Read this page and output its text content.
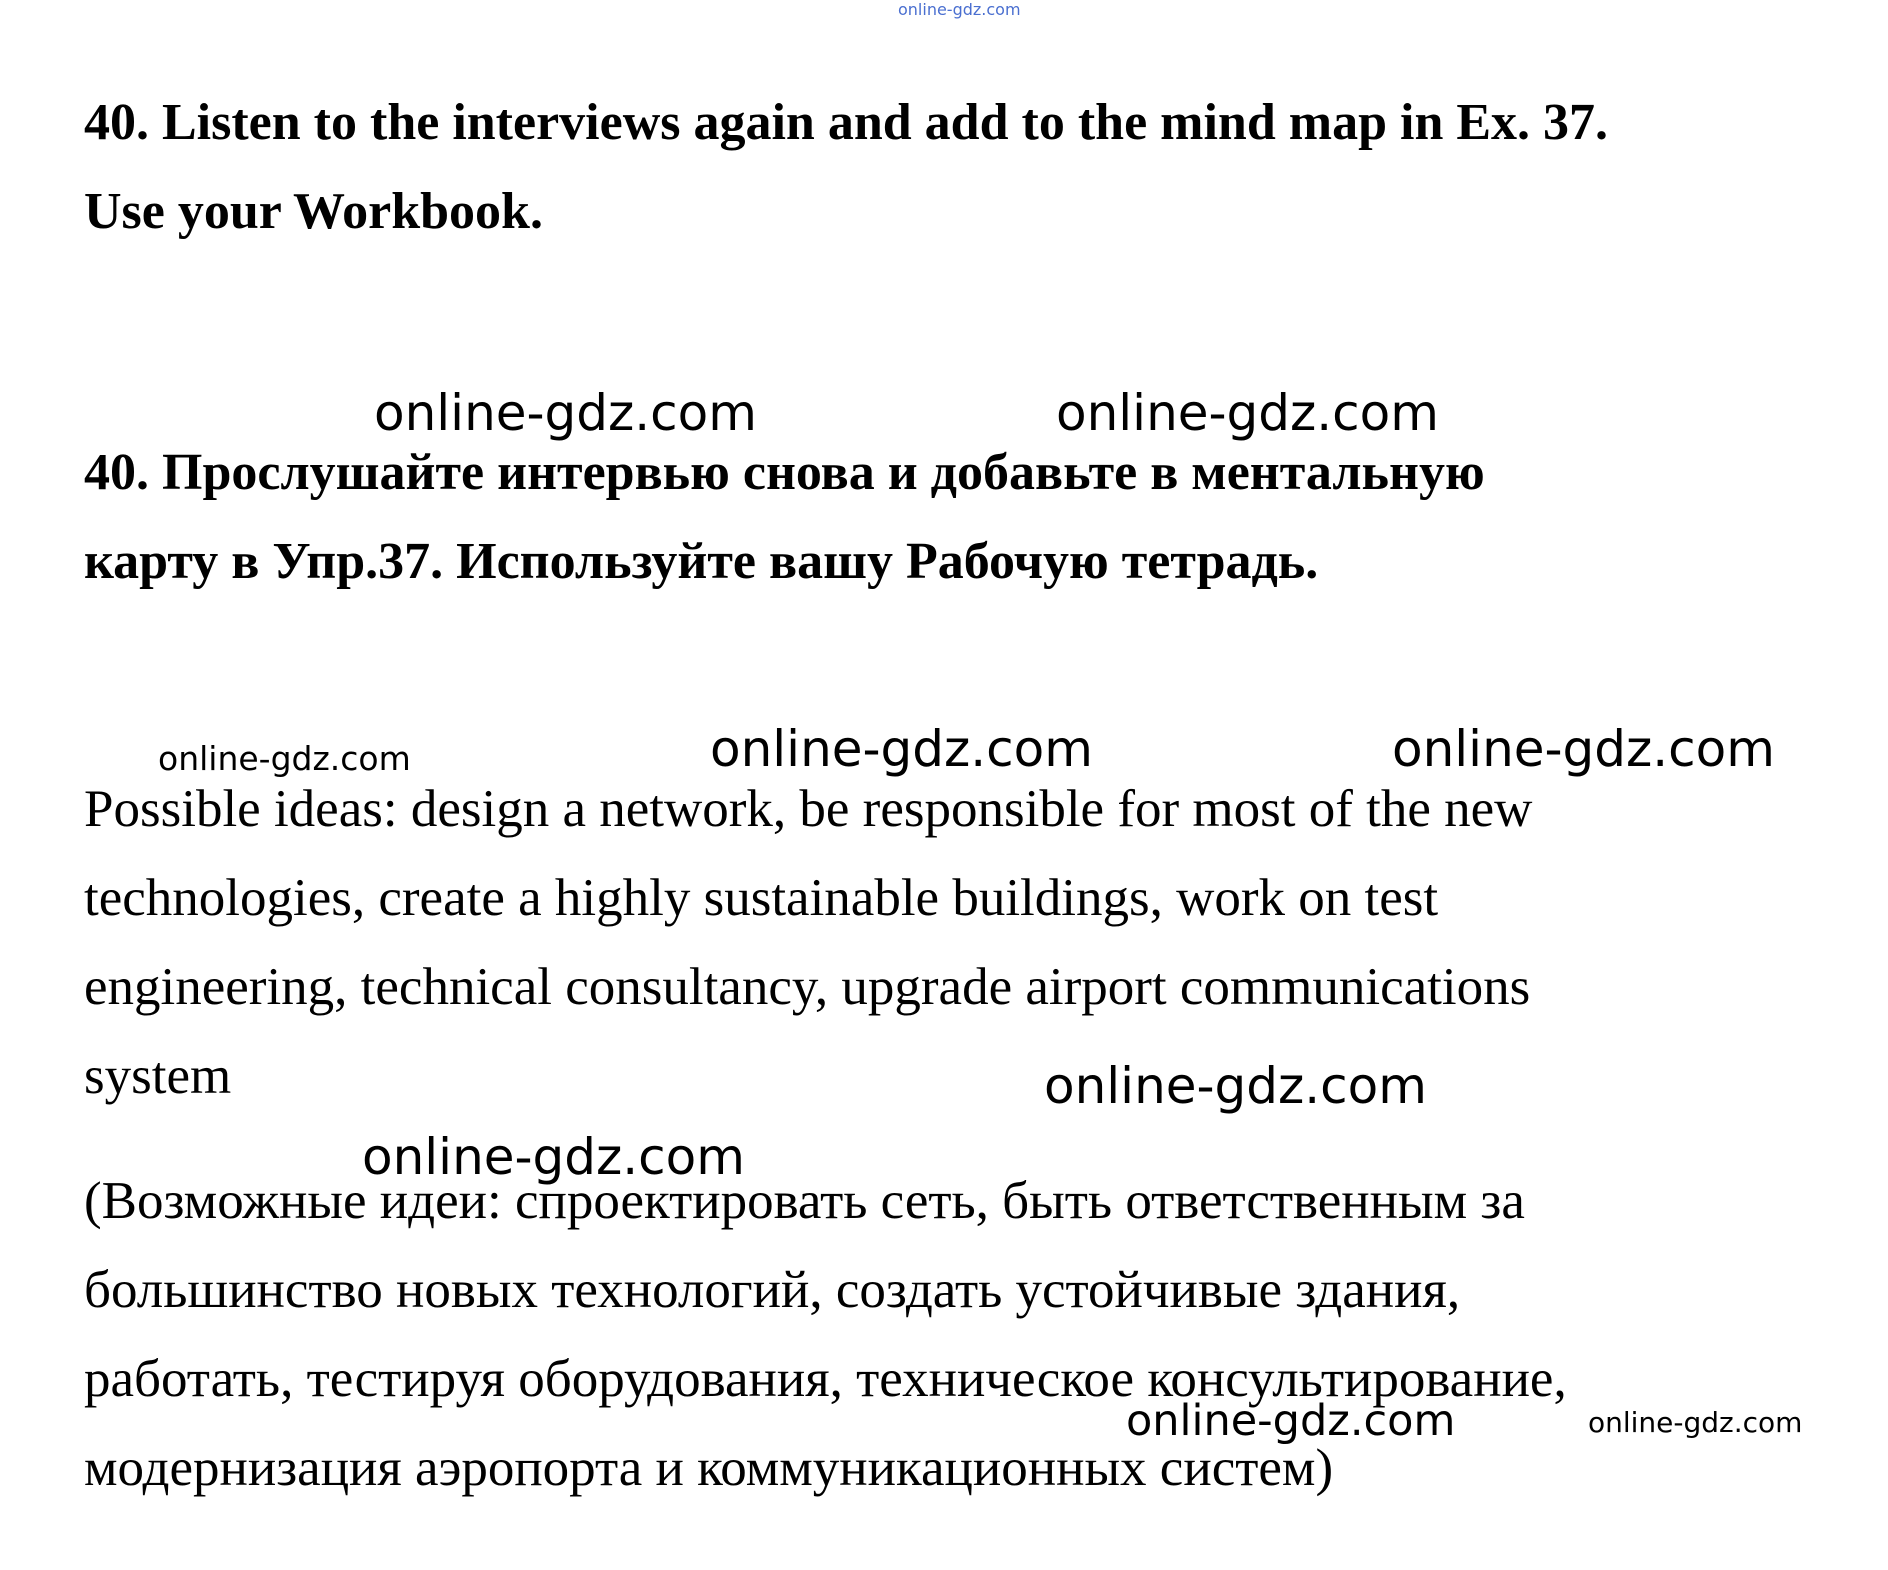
online-gdz.com

40. Listen to the interviews again and add to the mind map in Ex. 37.
Use your Workbook.

online-gdz.com	online-gdz.com

40. Прослушайте интервью снова и добавьте в ментальную
карту в Упр.37. Используйте вашу Рабочую тетрадь.

online-gdz.com	online-gdz.com	online-gdz.com

Possible ideas: design a network, be responsible for most of the new
technologies, create a highly sustainable buildings, work on test
engineering, technical consultancy, upgrade airport communications
system	online-gdz.com
online-gdz.com

(Возможные идеи: спроектировать сеть, быть ответственным за
большинство новых технологий, создать устойчивые здания,
работать, тестируя оборудования, техническое консультирование,
модернизация аэропорта и коммуникационных систем)

online-gdz.com	online-gdz.com
